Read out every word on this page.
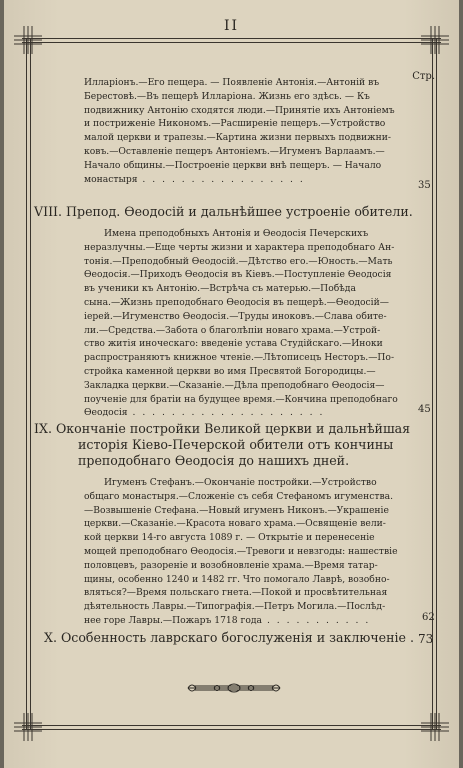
II
Стр.
Илларіонъ.—Его пещера. — Появленіе Антонія.—Антоній въ
Берестовѣ.—Въ пещерѣ Илларіона. Жизнь его здѣсь. — Къ
подвижнику Антонію сходятся люди.—Принятіе ихъ Антоніемъ
и постриженіе Никономъ.—Расширеніе пещеръ.—Устройство
малой церкви и трапезы.—Картина жизни первыхъ подвижни-
ковъ.—Оставленіе пещеръ Антоніемъ.—Игуменъ Варлаамъ.—
Начало общины.—Построеніе церкви внѣ пещеръ. — Начало
монастыря . . . . . . . . . . . . . . . . .
35
VIII. Препод. Ѳеодосій и дальнѣйшее устроеніе обители.
Имена преподобныхъ Антонія и Ѳеодосія Печерскихъ
неразлучны.—Еще черты жизни и характера преподобнаго Ан-
тонія.—Преподобный Ѳеодосій.—Дѣтство его.—Юность.—Мать
Ѳеодосія.—Приходъ Ѳеодосія въ Кіевъ.—Поступленіе Ѳеодосія
въ ученики къ Антонію.—Встрѣча съ матерью.—Побѣда
сына.—Жизнь преподобнаго Ѳеодосія въ пещерѣ.—Ѳеодосій—
іерей.—Игуменство Ѳеодосія.—Труды иноковъ.—Слава обите-
ли.—Средства.—Забота о благолѣпіи новаго храма.—Устрой-
ство житія иноческаго: введеніе устава Студійскаго.—Иноки
распространяютъ книжное чтеніе.—Лѣтописецъ Несторъ.—По-
стройка каменной церкви во имя Пресвятой Богородицы.—
Закладка церкви.—Сказаніе.—Дѣла преподобнаго Ѳеодосія—
поученіе для братіи на будущее время.—Кончина преподобнаго
Ѳеодосія . . . . . . . . . . . . . . . . . . . .	45
IX. Окончаніе постройки Великой церкви и дальнѣйшая
исторія Кіево-Печерской обители отъ кончины
преподобнаго Ѳеодосія до нашихъ дней.
Игуменъ Стефанъ.—Окончаніе постройки.—Устройство
общаго монастыря.—Сложеніе съ себя Стефаномъ игуменства.
—Возвышеніе Стефана.—Новый игуменъ Никонъ.—Украшеніе
церкви.—Сказаніе.—Красота новаго храма.—Освященіе вели-
кой церкви 14-го августа 1089 г. — Открытіе и перенесеніе
мощей преподобнаго Ѳеодосія.—Тревоги и невзгоды: нашествіе
половцевъ, разореніе и возобновленіе храма.—Время татар-
щины, особенно 1240 и 1482 гг. Что помогало Лаврѣ, возобно-
вляться?—Время польскаго гнета.—Покой и просвѣтительная
дѣятельность Лавры.—Типографія.—Петръ Могила.—Послѣд-
нее горе Лавры.—Пожаръ 1718 года . . . . . . . . . . .	62
X. Особенность лаврскаго богослуженія и заключеніе . 73
